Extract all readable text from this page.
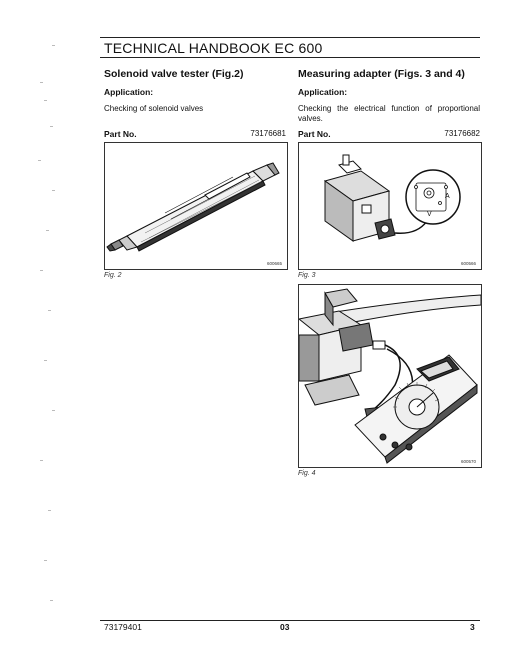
TECHNICAL HANDBOOK EC 600
Solenoid valve tester (Fig.2)
Application:
Checking of solenoid valves
Part No.	73176681
600665
Fig. 2
Measuring adapter (Figs. 3 and 4)
Application:
Checking the electrical function of proportional valves.
Part No.	73176682
A
V
600566
Fig. 3
600570
Fig. 4
73179401	03	3
